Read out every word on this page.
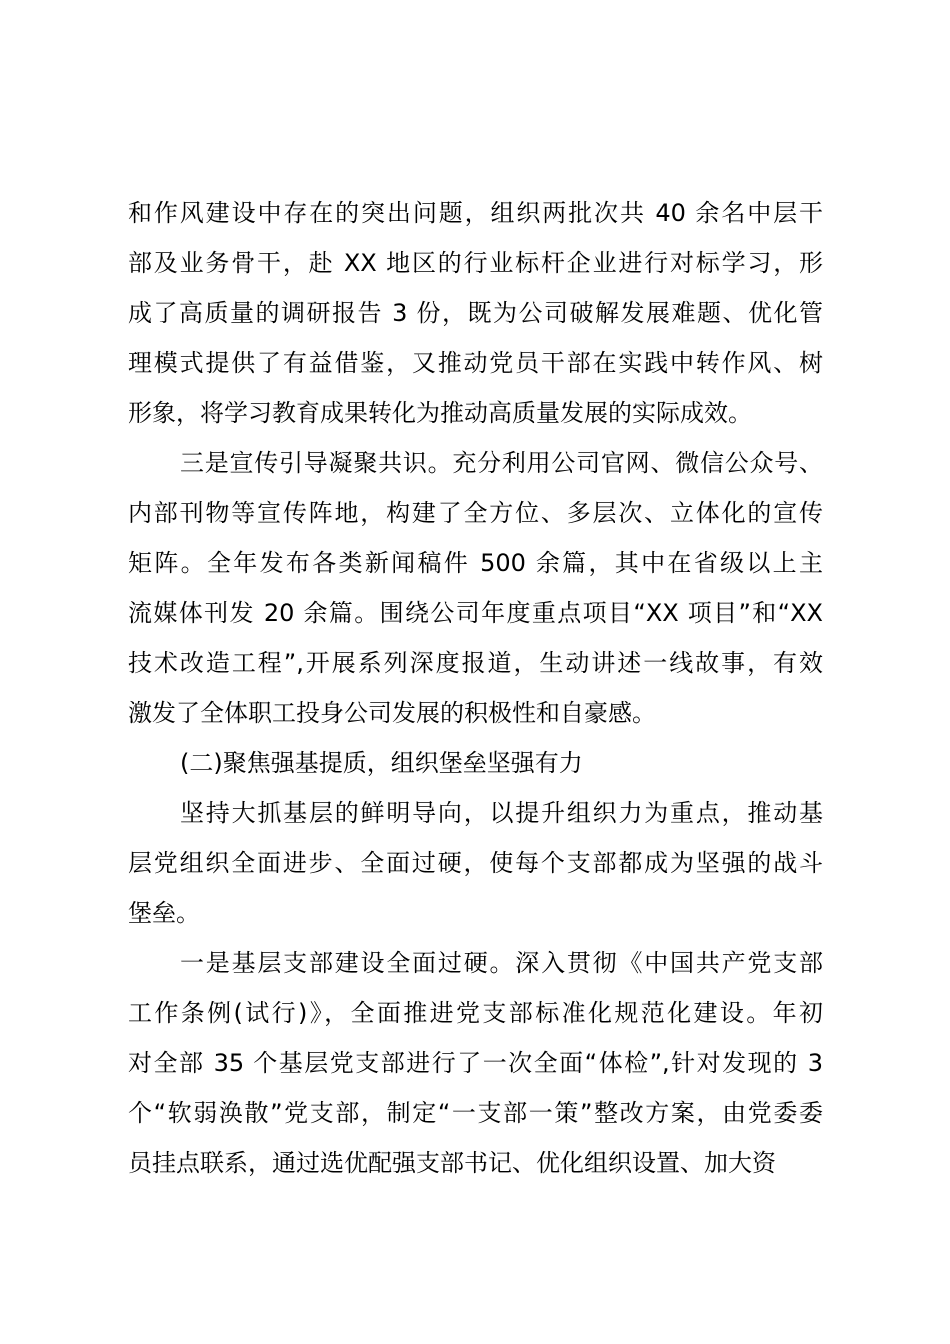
和作风建设中存在的突出问题，组织两批次共 40 余名中层干
部及业务骨干，赴 XX 地区的行业标杆企业进行对标学习，形
成了高质量的调研报告 3 份，既为公司破解发展难题、优化管
理模式提供了有益借鉴，又推动党员干部在实践中转作风、树
形象，将学习教育成果转化为推动高质量发展的实际成效。
三是宣传引导凝聚共识。充分利用公司官网、微信公众号、
内部刊物等宣传阵地，构建了全方位、多层次、立体化的宣传
矩阵。全年发布各类新闻稿件 500 余篇，其中在省级以上主
流媒体刊发 20 余篇。围绕公司年度重点项目“XX 项目”和“XX
技术改造工程”,开展系列深度报道，生动讲述一线故事，有效
激发了全体职工投身公司发展的积极性和自豪感。
(二)聚焦强基提质，组织堡垒坚强有力
坚持大抓基层的鲜明导向，以提升组织力为重点，推动基
层党组织全面进步、全面过硬，使每个支部都成为坚强的战斗
堡垒。
一是基层支部建设全面过硬。深入贯彻《中国共产党支部
工作条例(试行)》，全面推进党支部标准化规范化建设。年初
对全部 35 个基层党支部进行了一次全面“体检”,针对发现的 3
个“软弱涣散”党支部，制定“一支部一策”整改方案，由党委委
员挂点联系，通过选优配强支部书记、优化组织设置、加大资
